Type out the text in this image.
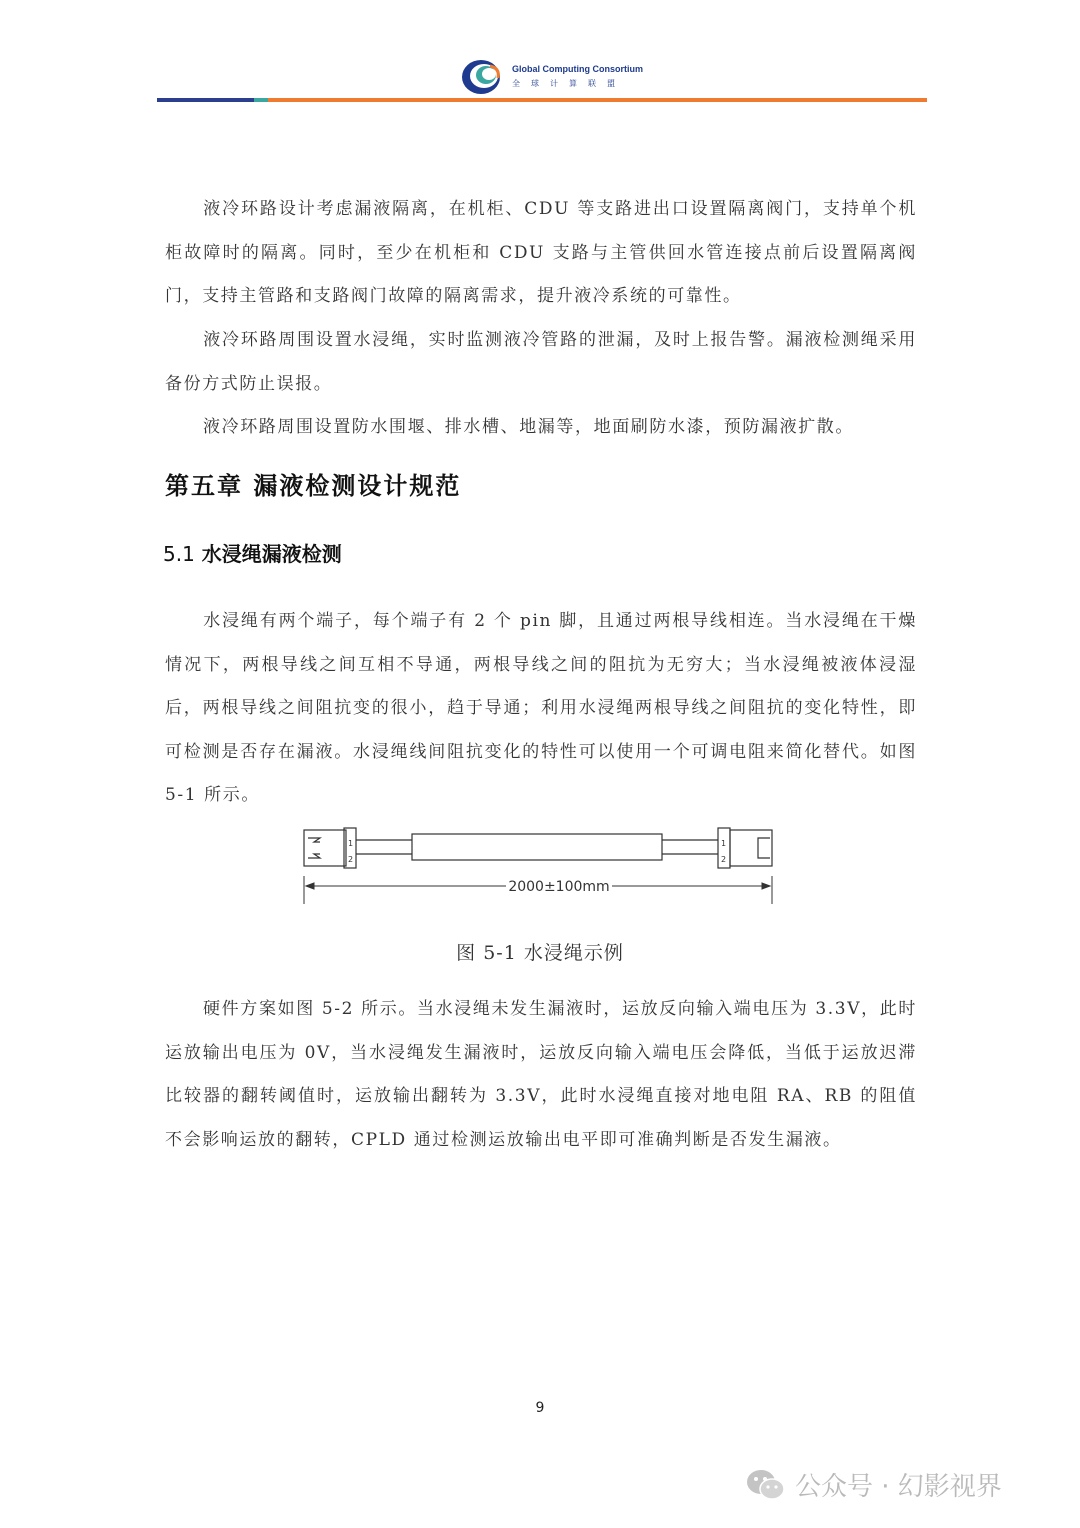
Global Computing Consortium
全球计算联盟
液冷环路设计考虑漏液隔离，在机柜、CDU 等支路进出口设置隔离阀门，支持单个机柜故障时的隔离。同时，至少在机柜和 CDU 支路与主管供回水管连接点前后设置隔离阀门，支持主管路和支路阀门故障的隔离需求，提升液冷系统的可靠性。
液冷环路周围设置水浸绳，实时监测液冷管路的泄漏，及时上报告警。漏液检测绳采用备份方式防止误报。
液冷环路周围设置防水围堰、排水槽、地漏等，地面刷防水漆，预防漏液扩散。
第五章 漏液检测设计规范
5.1 水浸绳漏液检测
水浸绳有两个端子，每个端子有 2 个 pin 脚，且通过两根导线相连。当水浸绳在干燥情况下，两根导线之间互相不导通，两根导线之间的阻抗为无穷大；当水浸绳被液体浸湿后，两根导线之间阻抗变的很小，趋于导通；利用水浸绳两根导线之间阻抗的变化特性，即可检测是否存在漏液。水浸绳线间阻抗变化的特性可以使用一个可调电阻来简化替代。如图 5-1 所示。
1
2
1
2
2000±100mm
图 5-1 水浸绳示例
硬件方案如图 5-2 所示。当水浸绳未发生漏液时，运放反向输入端电压为 3.3V，此时运放输出电压为 0V，当水浸绳发生漏液时，运放反向输入端电压会降低，当低于运放迟滞比较器的翻转阈值时，运放输出翻转为 3.3V，此时水浸绳直接对地电阻 RA、RB 的阻值不会影响运放的翻转，CPLD 通过检测运放输出电平即可准确判断是否发生漏液。
9
公众号 · 幻影视界
